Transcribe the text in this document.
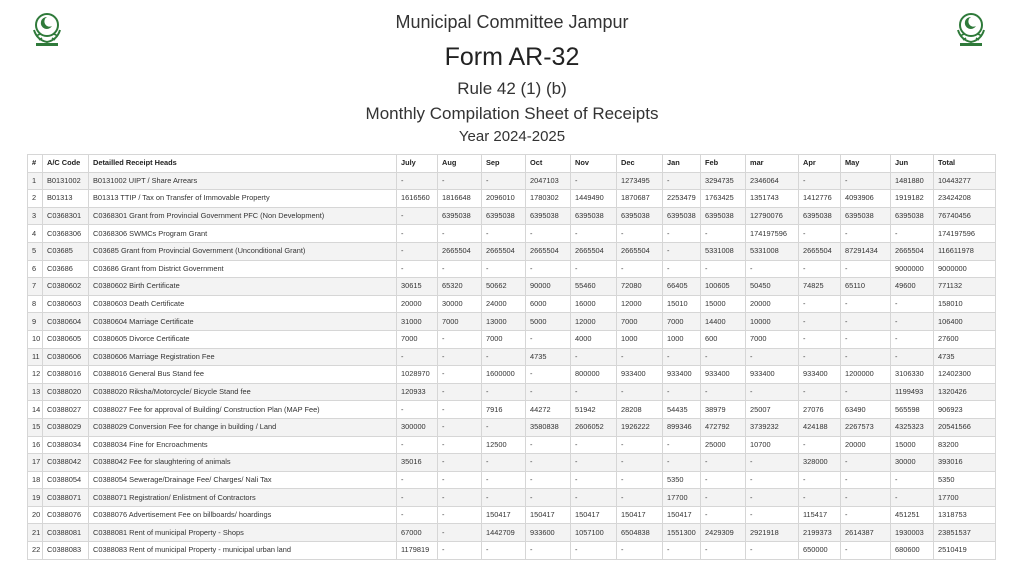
Municipal Committee Jampur
Form AR-32
Rule 42 (1) (b)
Monthly Compilation Sheet of Receipts
Year 2024-2025
#	A/C Code	Detailled Receipt Heads	July	Aug	Sep	Oct	Nov	Dec	Jan	Feb	mar	Apr	May	Jun	Total
1	B0131002	B0131002 UIPT / Share Arrears	-	-	-	2047103	-	1273495	-	3294735	2346064	-	-	1481880	10443277
2	B01313	B01313 TTIP / Tax on Transfer of Immovable Property	1616560	1816648	2096010	1780302	1449490	1870687	2253479	1763425	1351743	1412776	4093906	1919182	23424208
3	C0368301	C0368301 Grant from Provincial Government PFC (Non Development)	-	6395038	6395038	6395038	6395038	6395038	6395038	6395038	12790076	6395038	6395038	6395038	76740456
4	C0368306	C0368306 SWMCs Program Grant	-	-	-	-	-	-	-	-	174197596	-	-	-	174197596
5	C03685	C03685 Grant from Provincial Government (Unconditional Grant)	-	2665504	2665504	2665504	2665504	2665504	-	5331008	5331008	2665504	87291434	2665504	116611978
6	C03686	C03686 Grant from District Government	-	-	-	-	-	-	-	-	-	-	-	9000000	9000000
7	C0380602	C0380602 Birth Certificate	30615	65320	50662	90000	55460	72080	66405	100605	50450	74825	65110	49600	771132
8	C0380603	C0380603 Death Certificate	20000	30000	24000	6000	16000	12000	15010	15000	20000	-	-	-	158010
9	C0380604	C0380604 Marriage Certificate	31000	7000	13000	5000	12000	7000	7000	14400	10000	-	-	-	106400
10	C0380605	C0380605 Divorce Certificate	7000	-	7000	-	4000	1000	1000	600	7000	-	-	-	27600
11	C0380606	C0380606 Marriage Registration Fee	-	-	-	4735	-	-	-	-	-	-	-	-	4735
12	C0388016	C0388016 General Bus Stand fee	1028970	-	1600000	-	800000	933400	933400	933400	933400	933400	1200000	3106330	12402300
13	C0388020	C0388020 Riksha/Motorcycle/ Bicycle Stand fee	120933	-	-	-	-	-	-	-	-	-	-	1199493	1320426
14	C0388027	C0388027 Fee for approval of Building/ Construction Plan (MAP Fee)	-	-	7916	44272	51942	28208	54435	38979	25007	27076	63490	565598	906923
15	C0388029	C0388029 Conversion Fee for change in building / Land	300000	-	-	3580838	2606052	1926222	899346	472792	3739232	424188	2267573	4325323	20541566
16	C0388034	C0388034 Fine for Encroachments	-	-	12500	-	-	-	-	25000	10700	-	20000	15000	83200
17	C0388042	C0388042 Fee for slaughtering of animals	35016	-	-	-	-	-	-	-	-	328000	-	30000	393016
18	C0388054	C0388054 Sewerage/Drainage Fee/ Charges/ Nali Tax	-	-	-	-	-	-	5350	-	-	-	-	-	5350
19	C0388071	C0388071 Registration/ Enlistment of Contractors	-	-	-	-	-	-	17700	-	-	-	-	-	17700
20	C0388076	C0388076 Advertisement Fee on billboards/ hoardings	-	-	150417	150417	150417	150417	150417	-	-	115417	-	451251	1318753
21	C0388081	C0388081 Rent of municipal Property - Shops	67000	-	1442709	933600	1057100	6504838	1551300	2429309	2921918	2199373	2614387	1930003	23851537
22	C0388083	C0388083 Rent of municipal Property - municipal urban land	1179819	-	-	-	-	-	-	-	-	650000	-	680600	2510419
